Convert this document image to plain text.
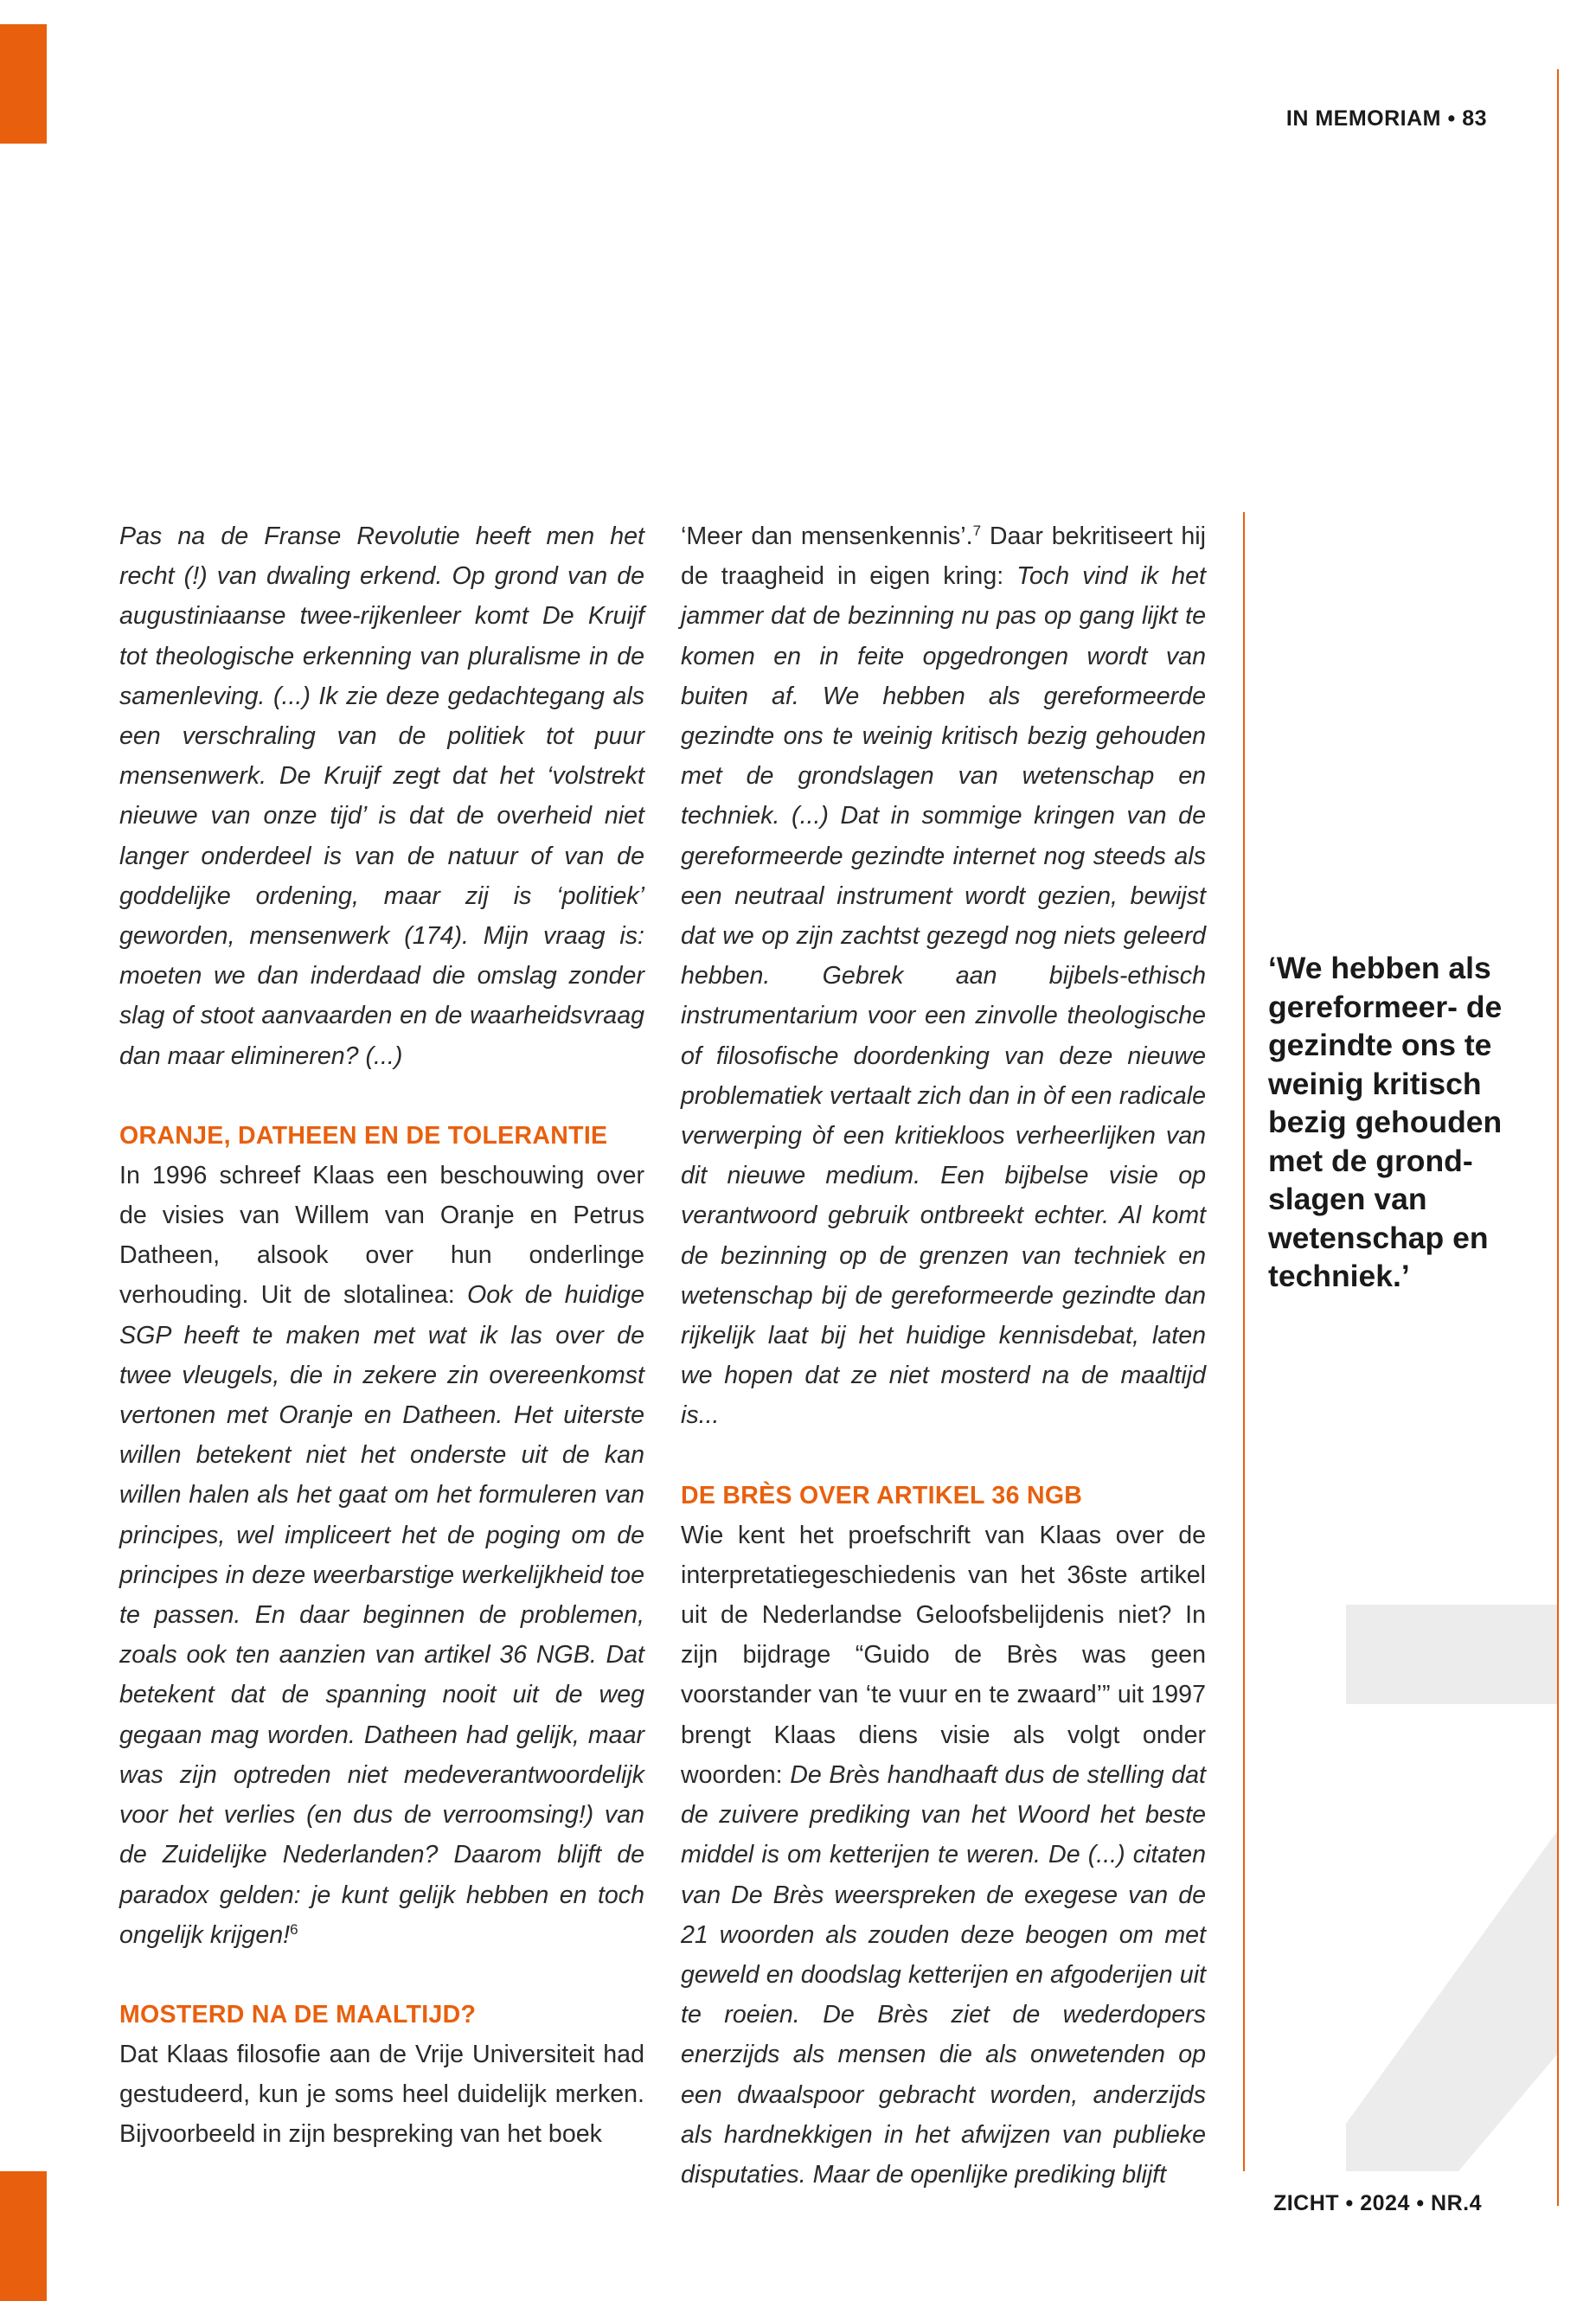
IN MEMORIAM • 83

Pas na de Franse Revolutie heeft men het recht (!) van dwaling erkend. Op grond van de augustiniaanse twee-rijkenleer komt De Kruijf tot theologische erkenning van pluralisme in de samenleving. (...) Ik zie deze gedachtegang als een verschraling van de politiek tot puur mensenwerk. De Kruijf zegt dat het ‘volstrekt nieuwe van onze tijd’ is dat de overheid niet langer onderdeel is van de natuur of van de goddelijke ordening, maar zij is ‘politiek’ geworden, mensenwerk (174). Mijn vraag is: moeten we dan inderdaad die omslag zonder slag of stoot aanvaarden en de waarheidsvraag dan maar elimineren? (...)

ORANJE, DATHEEN EN DE TOLERANTIE

In 1996 schreef Klaas een beschouwing over de visies van Willem van Oranje en Petrus Datheen, alsook over hun onderlinge verhouding. Uit de slotalinea: Ook de huidige SGP heeft te maken met wat ik las over de twee vleugels, die in zekere zin overeenkomst vertonen met Oranje en Datheen. Het uiterste willen betekent niet het onderste uit de kan willen halen als het gaat om het formuleren van principes, wel impliceert het de poging om de principes in deze weerbarstige werkelijkheid toe te passen. En daar beginnen de problemen, zoals ook ten aanzien van artikel 36 NGB. Dat betekent dat de spanning nooit uit de weg gegaan mag worden. Datheen had gelijk, maar was zijn optreden niet medeverantwoordelijk voor het verlies (en dus de verroomsing!) van de Zuidelijke Nederlanden? Daarom blijft de paradox gelden: je kunt gelijk hebben en toch ongelijk krijgen!$^6$

MOSTERD NA DE MAALTIJD?

Dat Klaas filosofie aan de Vrije Universiteit had gestudeerd, kun je soms heel duidelijk merken. Bijvoorbeeld in zijn bespreking van het boek

‘Meer dan mensenkennis’.$^7$ Daar bekritiseert hij de traagheid in eigen kring: Toch vind ik het jammer dat de bezinning nu pas op gang lijkt te komen en in feite opgedrongen wordt van buiten af. We hebben als gereformeerde gezindte ons te weinig kritisch bezig gehouden met de grondslagen van wetenschap en techniek. (...) Dat in sommige kringen van de gereformeerde gezindte internet nog steeds als een neutraal instrument wordt gezien, bewijst dat we op zijn zachtst gezegd nog niets geleerd hebben. Gebrek aan bijbels-ethisch instrumentarium voor een zinvolle theologische of filosofische doordenking van deze nieuwe problematiek vertaalt zich dan in òf een radicale verwerping òf een kritiekloos verheerlijken van dit nieuwe medium. Een bijbelse visie op verantwoord gebruik ontbreekt echter. Al komt de bezinning op de grenzen van techniek en wetenschap bij de gereformeerde gezindte dan rijkelijk laat bij het huidige kennisdebat, laten we hopen dat ze niet mosterd na de maaltijd is...

DE BRÈS OVER ARTIKEL 36 NGB

Wie kent het proefschrift van Klaas over de interpretatiegeschiedenis van het 36ste artikel uit de Nederlandse Geloofsbelijdenis niet? In zijn bijdrage “Guido de Brès was geen voorstander van ‘te vuur en te zwaard’” uit 1997 brengt Klaas diens visie als volgt onder woorden: De Brès handhaaft dus de stelling dat de zuivere prediking van het Woord het beste middel is om ketterijen te weren. De (...) citaten van De Brès weerspreken de exegese van de 21 woorden als zouden deze beogen om met geweld en doodslag ketterijen en afgoderijen uit te roeien. De Brès ziet de wederdopers enerzijds als mensen die als onwetenden op een dwaalspoor gebracht worden, anderzijds als hardnekkigen in het afwijzen van publieke disputaties. Maar de openlijke prediking blijft

‘We hebben als gereformeer- de gezindte ons te weinig kritisch bezig gehouden met de grond- slagen van wetenschap en techniek.’
ZICHT • 2024 • NR.4
